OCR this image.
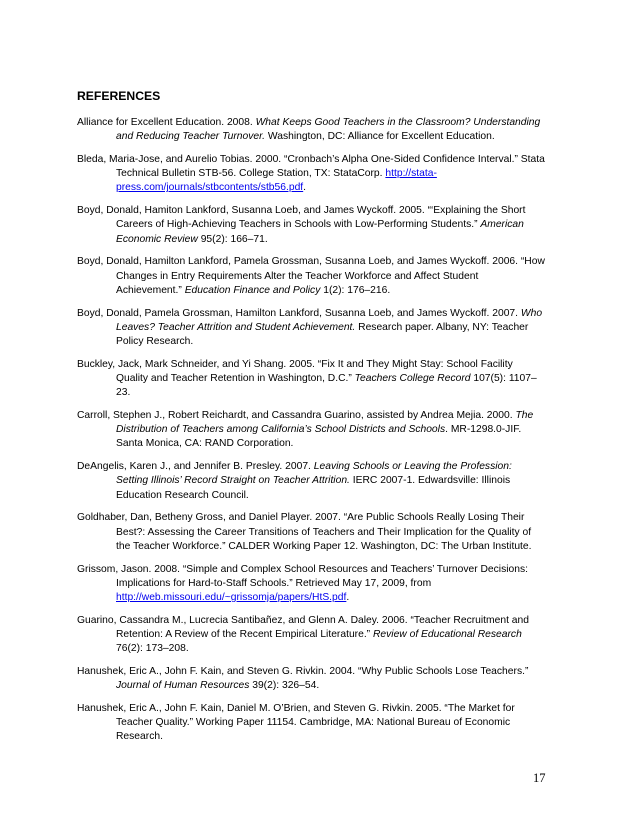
REFERENCES
Alliance for Excellent Education. 2008. What Keeps Good Teachers in the Classroom? Understanding and Reducing Teacher Turnover. Washington, DC: Alliance for Excellent Education.
Bleda, Maria-Jose, and Aurelio Tobias. 2000. “Cronbach’s Alpha One-Sided Confidence Interval.” Stata Technical Bulletin STB-56. College Station, TX: StataCorp. http://stata-press.com/journals/stbcontents/stb56.pdf.
Boyd, Donald, Hamiton Lankford, Susanna Loeb, and James Wyckoff. 2005. “‘Explaining the Short Careers of High-Achieving Teachers in Schools with Low-Performing Students.” American Economic Review 95(2): 166–71.
Boyd, Donald, Hamilton Lankford, Pamela Grossman, Susanna Loeb, and James Wyckoff. 2006. “How Changes in Entry Requirements Alter the Teacher Workforce and Affect Student Achievement.” Education Finance and Policy 1(2): 176–216.
Boyd, Donald, Pamela Grossman, Hamilton Lankford, Susanna Loeb, and James Wyckoff. 2007. Who Leaves? Teacher Attrition and Student Achievement. Research paper. Albany, NY: Teacher Policy Research.
Buckley, Jack, Mark Schneider, and Yi Shang. 2005. “Fix It and They Might Stay: School Facility Quality and Teacher Retention in Washington, D.C.” Teachers College Record 107(5): 1107–23.
Carroll, Stephen J., Robert Reichardt, and Cassandra Guarino, assisted by Andrea Mejia. 2000. The Distribution of Teachers among California’s School Districts and Schools. MR-1298.0-JIF. Santa Monica, CA: RAND Corporation.
DeAngelis, Karen J., and Jennifer B. Presley. 2007. Leaving Schools or Leaving the Profession: Setting Illinois’ Record Straight on Teacher Attrition. IERC 2007-1. Edwardsville: Illinois Education Research Council.
Goldhaber, Dan, Betheny Gross, and Daniel Player. 2007. “Are Public Schools Really Losing Their Best?: Assessing the Career Transitions of Teachers and Their Implication for the Quality of the Teacher Workforce.” CALDER Working Paper 12. Washington, DC: The Urban Institute.
Grissom, Jason. 2008. “Simple and Complex School Resources and Teachers’ Turnover Decisions: Implications for Hard-to-Staff Schools.” Retrieved May 17, 2009, from http://web.missouri.edu/~grissomja/papers/HtS.pdf.
Guarino, Cassandra M., Lucrecia Santibañez, and Glenn A. Daley. 2006. “Teacher Recruitment and Retention: A Review of the Recent Empirical Literature.” Review of Educational Research 76(2): 173–208.
Hanushek, Eric A., John F. Kain, and Steven G. Rivkin. 2004. “Why Public Schools Lose Teachers.” Journal of Human Resources 39(2): 326–54.
Hanushek, Eric A., John F. Kain, Daniel M. O’Brien, and Steven G. Rivkin. 2005. “The Market for Teacher Quality.” Working Paper 11154. Cambridge, MA: National Bureau of Economic Research.
17
